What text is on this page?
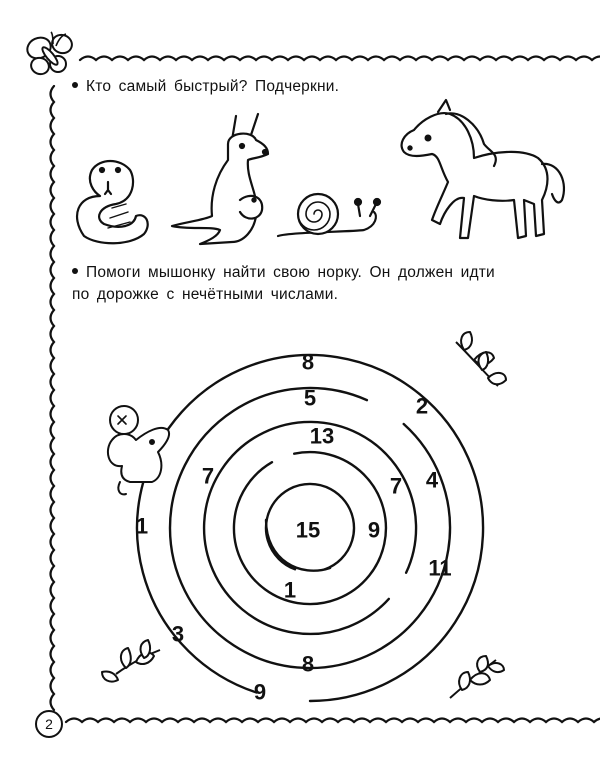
Кто самый быстрый? Подчеркни.
Помоги мышонку найти свою норку. Он должен идти
по дорожке с нечётными числами.
8
5	2
13
7	7 4
1
15 9
11
1
3
8
9
2
